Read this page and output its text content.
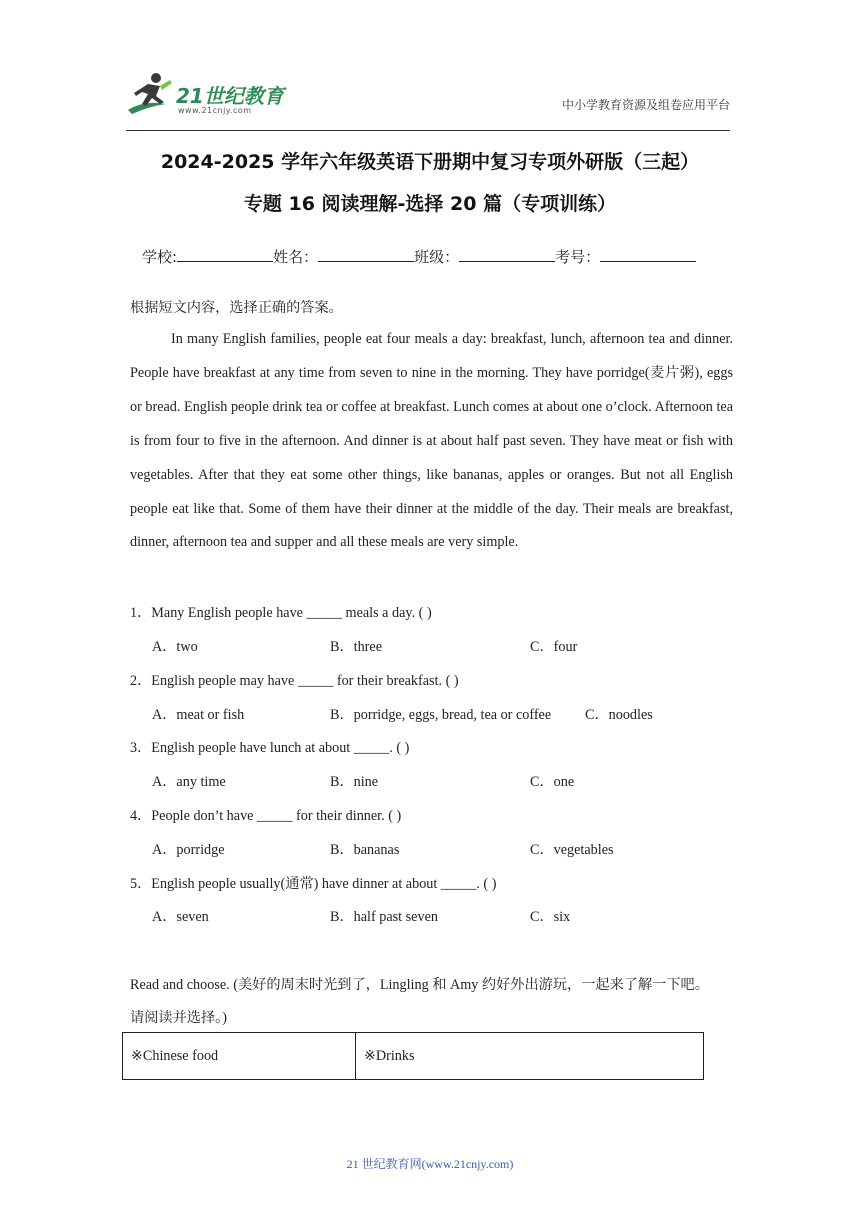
21世纪教育
www.21cnjy.com	中小学教育资源及组卷应用平台
2024-2025 学年六年级英语下册期中复习专项外研版（三起）
专题 16 阅读理解-选择 20 篇（专项训练）
学校:	姓名：	班级：	考号：
根据短文内容，选择正确的答案。
In many English families, people eat four meals a day: breakfast, lunch, afternoon tea and dinner. People have breakfast at any time from seven to nine in the morning. They have porridge(麦片粥), eggs or bread. English people drink tea or coffee at breakfast. Lunch comes at about one o’clock. Afternoon tea is from four to five in the afternoon. And dinner is at about half past seven. They have meat or fish with vegetables. After that they eat some other things, like bananas, apples or oranges. But not all English people eat like that. Some of them have their dinner at the middle of the day. Their meals are breakfast, dinner, afternoon tea and supper and all these meals are very simple.
1．Many English people have _____ meals a day. ( )
A．two	B．three	C．four
2．English people may have _____ for their breakfast. ( )
A．meat or fish	B．porridge, eggs, bread, tea or coffee C．noodles
3．English people have lunch at about _____. ( )
A．any time	B．nine	C．one
4．People don’t have _____ for their dinner. ( )
A．porridge	B．bananas	C．vegetables
5．English people usually(通常) have dinner at about _____. ( )
A．seven	B．half past seven	C．six
Read and choose. (美好的周末时光到了，Lingling 和 Amy 约好外出游玩，一起来了解一下吧。
请阅读并选择。)
※Chinese food	※Drinks
21 世纪教育网(www.21cnjy.com)
